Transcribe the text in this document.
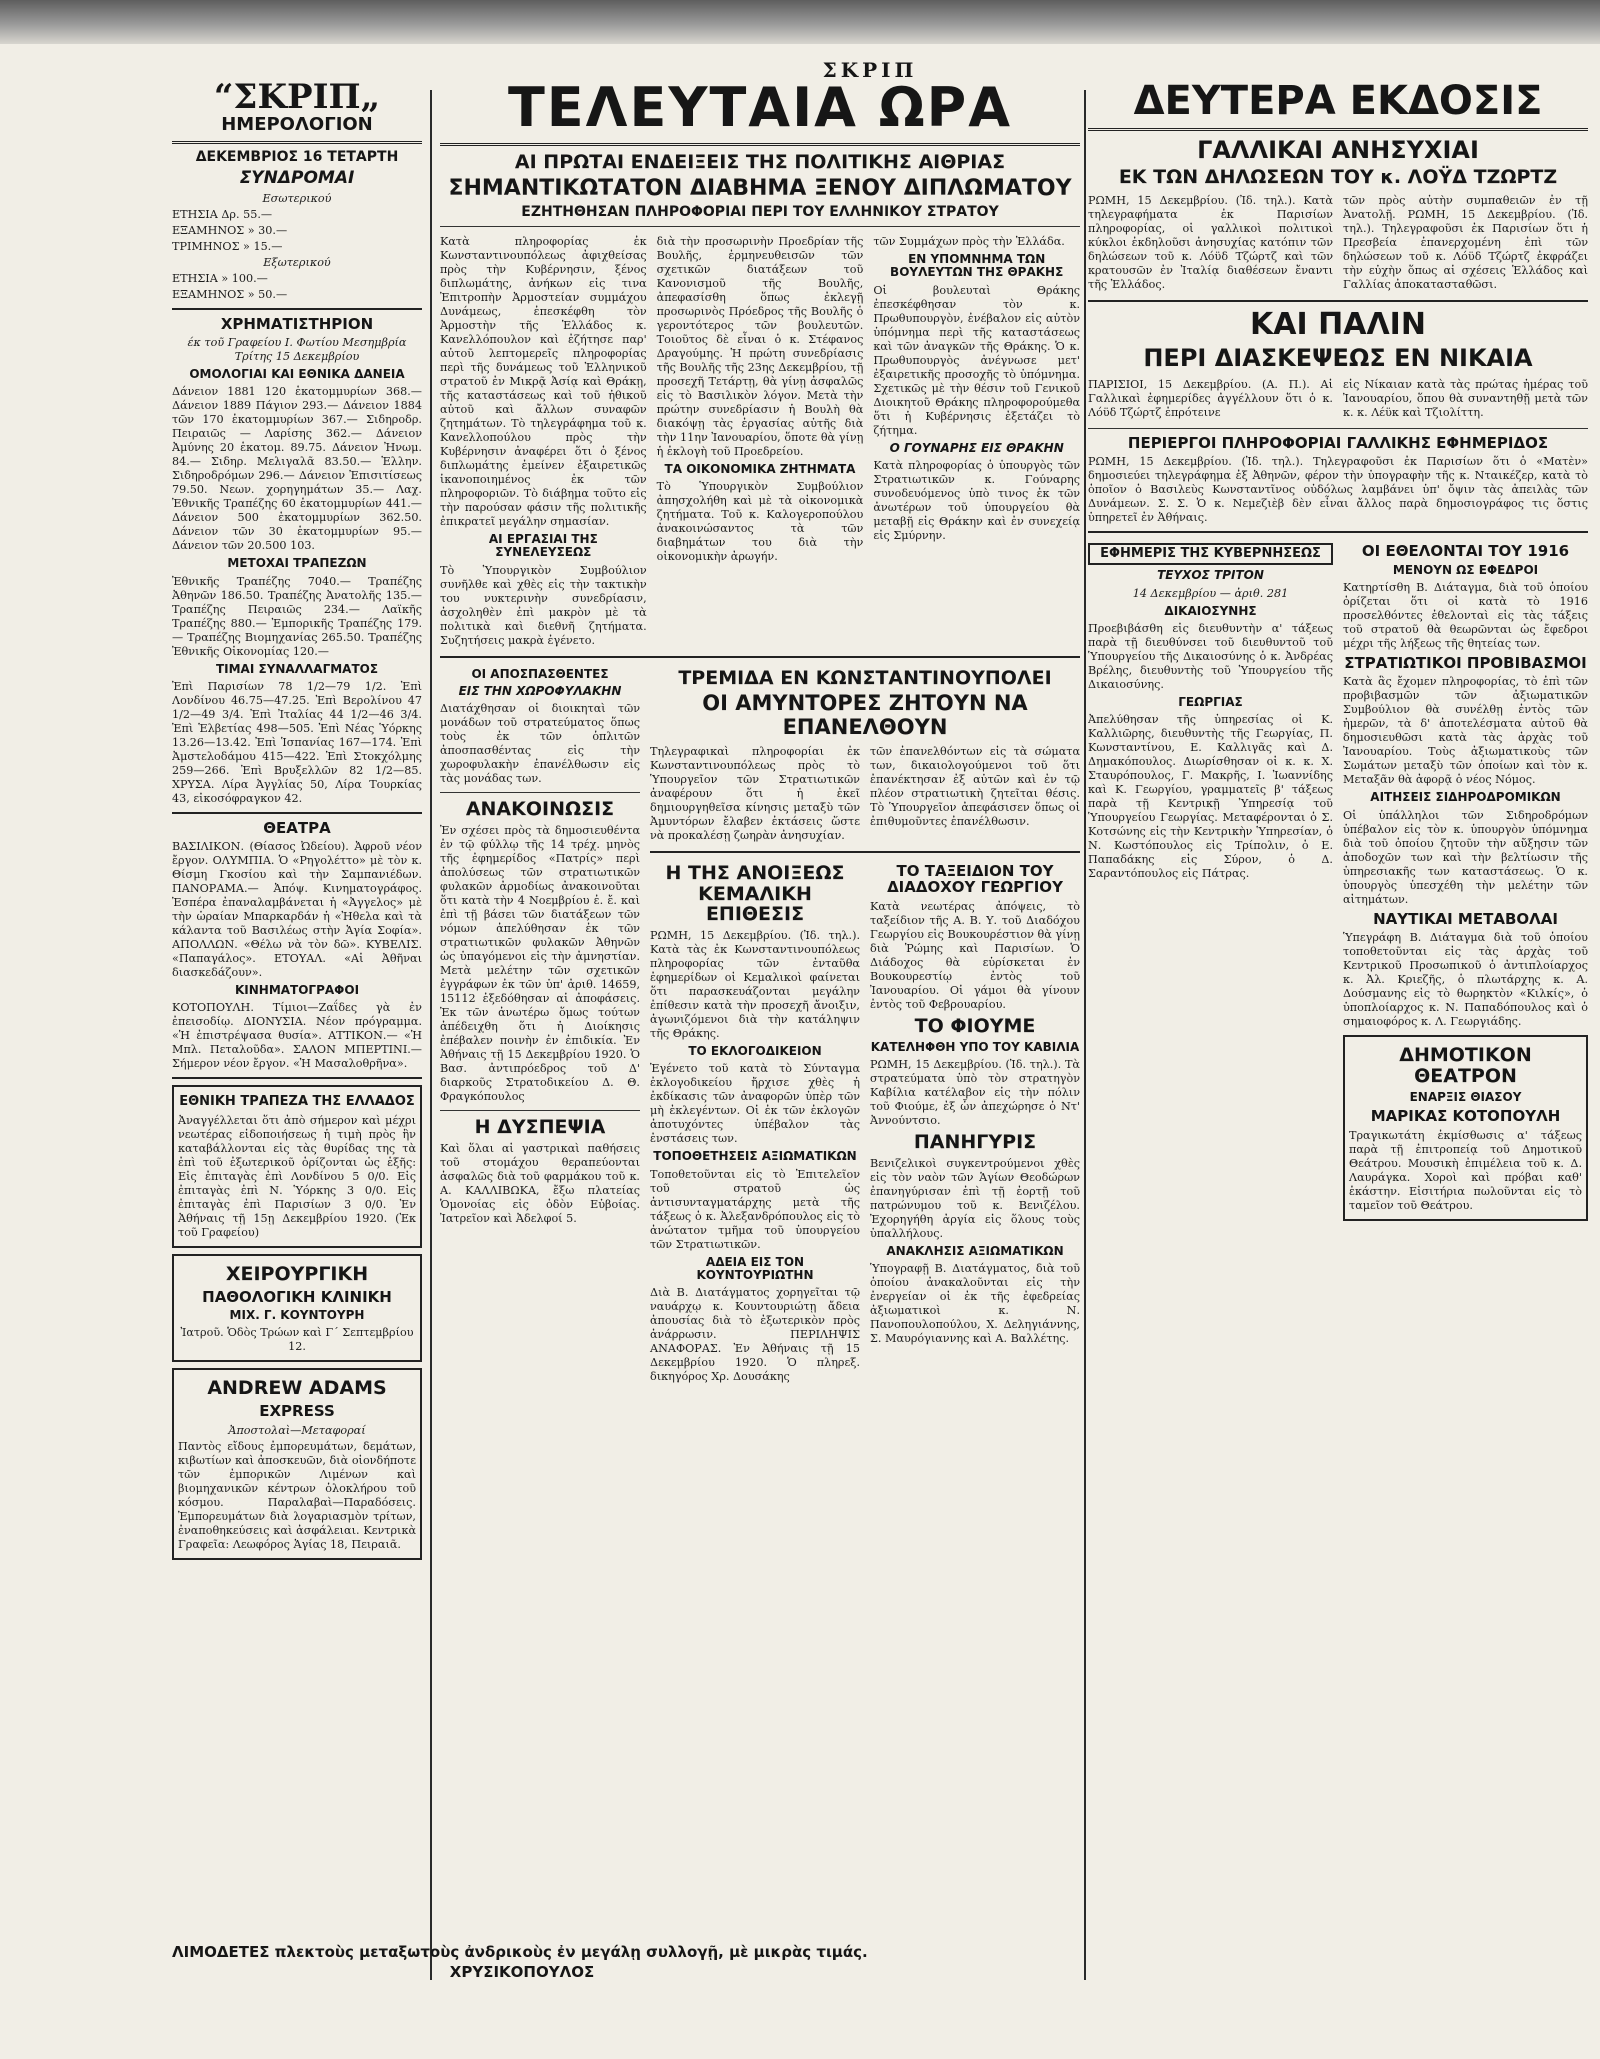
ΣΚΡΙΠ
“ΣΚΡΙΠ„
ΗΜΕΡΟΛΟΓΙΟΝ
ΔΕΚΕΜΒΡΙΟΣ 16 ΤΕΤΑΡΤΗ
ΣΥΝΔΡΟΜΑΙ
Εσωτερικού
ΕΤΗΣΙΑ Δρ. 55.—
ΕΞΑΜΗΝΟΣ » 30.—
ΤΡΙΜΗΝΟΣ » 15.—
Εξωτερικού
ΕΤΗΣΙΑ » 100.—
ΕΞΑΜΗΝΟΣ » 50.—
ΧΡΗΜΑΤΙΣΤΗΡΙΟΝ
έκ τοῦ Γραφείου Ι. Φωτίου Μεσημβρία Τρίτης 15 Δεκεμβρίου
ΟΜΟΛΟΓΙΑΙ ΚΑΙ ΕΘΝΙΚΑ ΔΑΝΕΙΑ
Δάνειον 1881 120 ἑκατομμυρίων 368.— Δάνειον 1889 Πάγιον 293.— Δάνειον 1884 τῶν 170 ἑκατομμυρίων 367.— Σιδηροδρ. Πειραιῶς — Λαρίσης 362.— Δάνειον Ἀμύνης 20 ἑκατομ. 89.75. Δάνειον Ἠνωμ. 84.— Σιδηρ. Μελιγαλᾶ 83.50.— Ἑλλην. Σιδηροδρόμων 296.— Δάνειον Ἐπισιτίσεως 79.50. Νεων. χορηγημάτων 35.— Λαχ. Ἐθνικῆς Τραπέζης 60 ἑκατομμυρίων 441.— Δάνειον 500 ἑκατομμυρίων 362.50. Δάνειον τῶν 30 ἑκατομμυρίων 95.— Δάνειον τῶν 20.500 103.
ΜΕΤΟΧΑΙ ΤΡΑΠΕΖΩΝ
Ἐθνικῆς Τραπέζης 7040.— Τραπέζης Ἀθηνῶν 186.50. Τραπέζης Ἀνατολῆς 135.— Τραπέζης Πειραιῶς 234.— Λαϊκῆς Τραπέζης 880.— Ἐμπορικῆς Τραπέζης 179.— Τραπέζης Βιομηχανίας 265.50. Τραπέζης Ἐθνικῆς Οἰκονομίας 120.—
ΤΙΜΑΙ ΣΥΝΑΛΛΑΓΜΑΤΟΣ
Ἐπὶ Παρισίων 78 1/2—79 1/2. Ἐπὶ Λονδίνου 46.75—47.25. Ἐπὶ Βερολίνου 47 1/2—49 3/4. Ἐπὶ Ἰταλίας 44 1/2—46 3/4. Ἐπὶ Ἑλβετίας 498—505. Ἐπὶ Νέας Ὑόρκης 13.26—13.42. Ἐπὶ Ἱσπανίας 167—174. Ἐπὶ Ἀμστελοδάμου 415—422. Ἐπὶ Στοκχόλμης 259—266. Ἐπὶ Βρυξελλῶν 82 1/2—85. ΧΡΥΣΑ. Λίρα Ἀγγλίας 50, Λίρα Τουρκίας 43, εἰκοσόφραγκον 42.
ΘΕΑΤΡΑ
ΒΑΣΙΛΙΚΟΝ. (Θίασος Ὠδείου). Ἀφροῦ νέον ἔργον. ΟΛΥΜΠΙΑ. Ὁ «Ρηγολέττο» μὲ τὸν κ. Θίσμη Γκοσίου καὶ τὴν Σαμπανιέδων. ΠΑΝΟΡΑΜΑ.— Ἀπόψ. Κινηματογράφος. Ἐσπέρα ἐπαναλαμβάνεται ἡ «Ἀγγελος» μὲ τὴν ὡραίαν Μπαρκαρδάν ἡ «Ἠθελα καὶ τὰ κάλαντα τοῦ Βασιλέως στὴν Ἁγία Σοφία». ΑΠΟΛΛΩΝ. «Θέλω νὰ τὸν δῶ». ΚΥΒΕΛΙΣ. «Παπαγάλος». ΕΤΟΥΑΛ. «Αἱ Ἀθῆναι διασκεδάζουν».
ΚΙΝΗΜΑΤΟΓΡΑΦΟΙ
ΚΟΤΟΠΟΥΛΗ. Τίμιοι—Ζαΐδες γὰ ἐν ἐπεισοδίῳ. ΔΙΟΝΥΣΙΑ. Νέον πρόγραμμα. «Ἡ ἐπιστρέψασα θυσία». ΑΤΤΙΚΟΝ.— «Ἡ Μπλ. Πεταλοῦδα». ΣΑΛΟΝ ΜΠΕΡΤΙΝΙ.— Σήμερον νέον ἔργον. «Ἡ Μασαλοθρῆνα».
ΕΘΝΙΚΗ ΤΡΑΠΕΖΑ ΤΗΣ ΕΛΛΑΔΟΣ
Ἀναγγέλλεται ὅτι ἀπὸ σήμερον καὶ μέχρι νεωτέρας εἰδοποιήσεως ἡ τιμὴ πρὸς ἣν καταβάλλονται εἰς τὰς θυρίδας της τὰ ἐπὶ τοῦ ἐξωτερικοῦ ὁρίζονται ὡς ἑξῆς: Εἰς ἐπιταγὰς ἐπὶ Λονδίνου 5 0/0. Εἰς ἐπιταγὰς ἐπὶ Ν. Ὑόρκης 3 0/0. Εἰς ἐπιταγὰς ἐπὶ Παρισίων 3 0/0. Ἐν Ἀθήναις τῇ 15ῃ Δεκεμβρίου 1920. (Ἐκ τοῦ Γραφείου)
ΧΕΙΡΟΥΡΓΙΚΗ
ΠΑΘΟΛΟΓΙΚΗ ΚΛΙΝΙΚΗ
ΜΙΧ. Γ. ΚΟΥΝΤΟΥΡΗ
Ἰατροῦ. Ὁδὸς Τρώων καὶ Γ΄ Σεπτεμβρίου 12.
ANDREW ADAMS
EXPRESS
Ἀποστολαὶ—Μεταφοραί
Παντὸς εἴδους ἐμπορευμάτων, δεμάτων, κιβωτίων καὶ ἀποσκευῶν, διὰ οἱονδήποτε τῶν ἐμπορικῶν Λιμένων καὶ βιομηχανικῶν κέντρων ὁλοκλήρου τοῦ κόσμου. Παραλαβαὶ—Παραδόσεις. Ἐμπορευμάτων διὰ λογαριασμὸν τρίτων, ἐναποθηκεύσεις καὶ ἀσφάλειαι. Κεντρικὰ Γραφεῖα: Λεωφόρος Ἁγίας 18, Πειραιᾶ.
ΤΕΛΕΥΤΑΙΑ ΩΡΑ
ΑΙ ΠΡΩΤΑΙ ΕΝΔΕΙΞΕΙΣ ΤΗΣ ΠΟΛΙΤΙΚΗΣ ΑΙΘΡΙΑΣ
ΣΗΜΑΝΤΙΚΩΤΑΤΟΝ ΔΙΑΒΗΜΑ ΞΕΝΟΥ ΔΙΠΛΩΜΑΤΟΥ
ΕΖΗΤΗΘΗΣΑΝ ΠΛΗΡΟΦΟΡΙΑΙ ΠΕΡΙ ΤΟΥ ΕΛΛΗΝΙΚΟΥ ΣΤΡΑΤΟΥ
Κατὰ πληροφορίας ἐκ Κωνσταντινουπόλεως ἀφιχθείσας πρὸς τὴν Κυβέρνησιν, ξένος διπλωμάτης, ἀνήκων εἰς τινα Ἐπιτροπὴν Ἀρμοστείαν συμμάχου Δυνάμεως, ἐπεσκέφθη τὸν Ἀρμοστὴν τῆς Ἑλλάδος κ. Κανελλόπουλον καὶ ἐζήτησε παρ' αὐτοῦ λεπτομερεῖς πληροφορίας περὶ τῆς δυνάμεως τοῦ Ἑλληνικοῦ στρατοῦ ἐν Μικρᾷ Ἀσίᾳ καὶ Θράκῃ, τῆς καταστάσεως καὶ τοῦ ἠθικοῦ αὐτοῦ καὶ ἄλλων συναφῶν ζητημάτων. Τὸ τηλεγράφημα τοῦ κ. Κανελλοπούλου πρὸς τὴν Κυβέρνησιν ἀναφέρει ὅτι ὁ ξένος διπλωμάτης ἐμείνεν ἐξαιρετικῶς ἱκανοποιημένος ἐκ τῶν πληροφοριῶν. Τὸ διάβημα τοῦτο εἰς τὴν παρούσαν φάσιν τῆς πολιτικῆς ἐπικρατεῖ μεγάλην σημασίαν.
ΑΙ ΕΡΓΑΣΙΑΙ ΤΗΣ ΣΥΝΕΛΕΥΣΕΩΣ
Τὸ Ὑπουργικὸν Συμβούλιον συνῆλθε καὶ χθὲς εἰς τὴν τακτικὴν του νυκτερινὴν συνεδρίασιν, ἀσχοληθὲν ἐπὶ μακρὸν μὲ τὰ πολιτικὰ καὶ διεθνῆ ζητήματα. Συζητήσεις μακρὰ ἐγένετο.
διὰ τὴν προσωρινὴν Προεδρίαν τῆς Βουλῆς, ἐρμηνευθεισῶν τῶν σχετικῶν διατάξεων τοῦ Κανονισμοῦ τῆς Βουλῆς, ἀπεφασίσθη ὅπως ἐκλεγῇ προσωρινὸς Πρόεδρος τῆς Βουλῆς ὁ γεροντότερος τῶν βουλευτῶν. Τοιοῦτος δὲ εἶναι ὁ κ. Στέφανος Δραγούμης. Ἡ πρώτη συνεδρίασις τῆς Βουλῆς τῆς 23ης Δεκεμβρίου, τῇ προσεχῆ Τετάρτῃ, θὰ γίνῃ ἀσφαλῶς εἰς τὸ Βασιλικὸν λόγον. Μετὰ τὴν πρώτην συνεδρίασιν ἡ Βουλὴ θὰ διακόψῃ τὰς ἐργασίας αὐτῆς διὰ τὴν 11ην Ἰανουαρίου, ὅποτε θὰ γίνῃ ἡ ἐκλογὴ τοῦ Προεδρείου.
ΤΑ ΟΙΚΟΝΟΜΙΚΑ ΖΗΤΗΜΑΤΑ
Τὸ Ὑπουργικὸν Συμβούλιον ἀπησχολήθη καὶ μὲ τὰ οἰκονομικὰ ζητήματα. Τοῦ κ. Καλογεροπούλου ἀνακοινώσαντος τὰ τῶν διαβημάτων του διὰ τὴν οἰκονομικὴν ἀρωγήν.
τῶν Συμμάχων πρὸς τὴν Ἑλλάδα.
ΕΝ ΥΠΟΜΝΗΜΑ ΤΩΝ ΒΟΥΛΕΥΤΩΝ ΤΗΣ ΘΡΑΚΗΣ
Οἱ βουλευταὶ Θράκης ἐπεσκέφθησαν τὸν κ. Πρωθυπουργὸν, ἐνέβαλον εἰς αὐτὸν ὑπόμνημα περὶ τῆς καταστάσεως καὶ τῶν ἀναγκῶν τῆς Θράκης. Ὁ κ. Πρωθυπουργὸς ἀνέγνωσε μετ' ἐξαιρετικῆς προσοχῆς τὸ ὑπόμνημα. Σχετικῶς μὲ τὴν θέσιν τοῦ Γενικοῦ Διοικητοῦ Θράκης πληροφορούμεθα ὅτι ἡ Κυβέρνησις ἐξετάζει τὸ ζήτημα.
Ο ΓΟΥΝΑΡΗΣ ΕΙΣ ΘΡΑΚΗΝ
Κατὰ πληροφορίας ὁ ὑπουργὸς τῶν Στρατιωτικῶν κ. Γούναρης συνοδευόμενος ὑπὸ τινος ἐκ τῶν ἀνωτέρων τοῦ ὑπουργείου θὰ μεταβῇ εἰς Θράκην καὶ ἐν συνεχείᾳ εἰς Σμύρνην.
ΟΙ ΑΠΟΣΠΑΣΘΕΝΤΕΣ
ΕΙΣ ΤΗΝ ΧΩΡΟΦΥΛΑΚΗΝ
Διατάχθησαν οἱ διοικηταὶ τῶν μονάδων τοῦ στρατεύματος ὅπως τοὺς ἐκ τῶν ὁπλιτῶν ἀποσπασθέντας εἰς τὴν χωροφυλακὴν ἐπανέλθωσιν εἰς τὰς μονάδας των.
ΑΝΑΚΟΙΝΩΣΙΣ
Ἐν σχέσει πρὸς τὰ δημοσιευθέντα ἐν τῷ φύλλῳ τῆς 14 τρέχ. μηνὸς τῆς ἐφημερίδος «Πατρίς» περὶ ἀπολύσεως τῶν στρατιωτικῶν φυλακῶν ἀρμοδίως ἀνακοινοῦται ὅτι κατὰ τὴν 4 Νοεμβρίου ἐ. ἔ. καὶ ἐπὶ τῇ βάσει τῶν διατάξεων τῶν νόμων ἀπελύθησαν ἐκ τῶν στρατιωτικῶν φυλακῶν Ἀθηνῶν ὡς ὑπαγόμενοι εἰς τὴν ἀμνηστίαν. Μετὰ μελέτην τῶν σχετικῶν ἐγγράφων ἐκ τῶν ὑπ' ἀριθ. 14659, 15112 ἐξεδόθησαν αἱ ἀποφάσεις. Ἐκ τῶν ἀνωτέρω ὅμως τούτων ἀπέδειχθη ὅτι ἡ Διοίκησις ἐπέβαλεν ποινὴν ἐν ἐπιδικία. Ἐν Ἀθήναις τῇ 15 Δεκεμβρίου 1920. Ὁ Βασ. ἀντιπρόεδρος τοῦ Δ' διαρκοῦς Στρατοδικείου Δ. Θ. Φραγκόπουλος
Η ΔΥΣΠΕΨΙΑ
Καὶ ὅλαι αἱ γαστρικαὶ παθήσεις τοῦ στομάχου θεραπεύονται ἀσφαλῶς διὰ τοῦ φαρμάκου τοῦ κ. Α. ΚΑΛΛΙΒΩΚΑ, ἔξω πλατείας Ὁμονοίας εἰς ὁδὸν Εὐβοίας. Ἰατρεῖον καὶ Ἀδελφοί 5.
ΤΡΕΜΙΔΑ ΕΝ ΚΩΝΣΤΑΝΤΙΝΟΥΠΟΛΕΙ
ΟΙ ΑΜΥΝΤΟΡΕΣ ΖΗΤΟΥΝ ΝΑ ΕΠΑΝΕΛΘΟΥΝ
Τηλεγραφικαὶ πληροφορίαι ἐκ Κωνσταντινουπόλεως πρὸς τὸ Ὑπουργεῖον τῶν Στρατιωτικῶν ἀναφέρουν ὅτι ἡ ἐκεῖ δημιουργηθεῖσα κίνησις μεταξὺ τῶν Ἀμυντόρων ἔλαβεν ἐκτάσεις ὥστε νὰ προκαλέσῃ ζωηρὰν ἀνησυχίαν.
τῶν ἐπανελθόντων εἰς τὰ σώματα των, δικαιολογούμενοι τοῦ ὅτι ἐπανέκτησαν ἐξ αὐτῶν καὶ ἐν τῷ πλέον στρατιωτικὴ ζητεῖται θέσις. Τὸ Ὑπουργεῖον ἀπεφάσισεν ὅπως οἱ ἐπιθυμοῦντες ἐπανέλθωσιν.
Η ΤΗΣ ΑΝΟΙΞΕΩΣ ΚΕΜΑΛΙΚΗ ΕΠΙΘΕΣΙΣ
ΡΩΜΗ, 15 Δεκεμβρίου. (Ἰδ. τηλ.). Κατὰ τὰς ἐκ Κωνσταντινουπόλεως πληροφορίας τῶν ἐνταῦθα ἐφημερίδων οἱ Κεμαλικοὶ φαίνεται ὅτι παρασκευάζονται μεγάλην ἐπίθεσιν κατὰ τὴν προσεχῆ ἄνοιξιν, ἀγωνιζόμενοι διὰ τὴν κατάληψιν τῆς Θράκης.
ΤΟ ΕΚΛΟΓΟΔΙΚΕΙΟΝ
Ἐγένετο τοῦ κατὰ τὸ Σύνταγμα ἐκλογοδικείου ἤρχισε χθὲς ἡ ἐκδίκασις τῶν ἀναφορῶν ὑπὲρ τῶν μὴ ἐκλεγέντων. Οἱ ἐκ τῶν ἐκλογῶν ἀποτυχόντες ὑπέβαλον τὰς ἐνστάσεις των.
ΤΟΠΟΘΕΤΗΣΕΙΣ ΑΞΙΩΜΑΤΙΚΩΝ
Τοποθετοῦνται εἰς τὸ Ἐπιτελεῖον τοῦ στρατοῦ ὡς ἀντισυνταγματάρχης μετὰ τῆς τάξεως ὁ κ. Ἀλεξανδρόπουλος εἰς τὸ ἀνώτατον τμῆμα τοῦ ὑπουργείου τῶν Στρατιωτικῶν.
ΑΔΕΙΑ ΕΙΣ ΤΟΝ ΚΟΥΝΤΟΥΡΙΩΤΗΝ
Διὰ Β. Διατάγματος χορηγεῖται τῷ ναυάρχῳ κ. Κουντουριώτῃ ἄδεια ἀπουσίας διὰ τὸ ἐξωτερικὸν πρὸς ἀνάρρωσιν. ΠΕΡΙΛΗΨΙΣ ΑΝΑΦΟΡΑΣ. Ἐν Ἀθήναις τῇ 15 Δεκεμβρίου 1920. Ὁ πληρεξ. δικηγόρος Χρ. Δουσάκης
ΤΟ ΤΑΞΕΙΔΙΟΝ ΤΟΥ ΔΙΑΔΟΧΟΥ ΓΕΩΡΓΙΟΥ
Κατὰ νεωτέρας ἀπόψεις, τὸ ταξείδιον τῆς Α. Β. Υ. τοῦ Διαδόχου Γεωργίου εἰς Βουκουρέστιον θὰ γίνῃ διὰ Ῥώμης καὶ Παρισίων. Ὁ Διάδοχος θὰ εὑρίσκεται ἐν Βουκουρεστίῳ ἐντὸς τοῦ Ἰανουαρίου. Οἱ γάμοι θὰ γίνουν ἐντὸς τοῦ Φεβρουαρίου.
ΤΟ ΦΙΟΥΜΕ
ΚΑΤΕΛΗΦΘΗ ΥΠΟ ΤΟΥ ΚΑΒΙΛΙΑ
ΡΩΜΗ, 15 Δεκεμβρίου. (Ἰδ. τηλ.). Τὰ στρατεύματα ὑπὸ τὸν στρατηγὸν Καβίλια κατέλαβον εἰς τὴν πόλιν τοῦ Φιούμε, ἐξ ὧν ἀπεχώρησε ὁ Ντ' Ἀννούντσιο.
ΠΑΝΗΓΥΡΙΣ
Βενιζελικοὶ συγκεντρούμενοι χθὲς εἰς τὸν ναὸν τῶν Ἁγίων Θεοδώρων ἐπανηγύρισαν ἐπὶ τῇ ἐορτῇ τοῦ πατρώνυμου τοῦ κ. Βενιζέλου. Ἐχορηγήθη ἀργία εἰς ὅλους τοὺς ὑπαλλήλους.
ΑΝΑΚΛΗΣΙΣ ΑΞΙΩΜΑΤΙΚΩΝ
Ὑπογραφῇ Β. Διατάγματος, διὰ τοῦ ὁποίου ἀνακαλοῦνται εἰς τὴν ἐνεργείαν οἱ ἐκ τῆς ἐφεδρείας ἀξιωματικοὶ κ. Ν. Πανοπουλοπούλου, Χ. Δεληγιάννης, Σ. Μαυρόγιαννης καὶ Α. Βαλλέτης.
ΔΕΥΤΕΡΑ ΕΚΔΟΣΙΣ
ΓΑΛΛΙΚΑΙ ΑΝΗΣΥΧΙΑΙ
ΕΚ ΤΩΝ ΔΗΛΩΣΕΩΝ ΤΟΥ κ. ΛΟΫΔ ΤΖΩΡΤΖ
ΡΩΜΗ, 15 Δεκεμβρίου. (Ἰδ. τηλ.). Κατὰ τηλεγραφήματα ἐκ Παρισίων πληροφορίας, οἱ γαλλικοὶ πολιτικοὶ κύκλοι ἐκδηλοῦσι ἀνησυχίας κατόπιν τῶν δηλώσεων τοῦ κ. Λόϋδ Τζώρτζ καὶ τῶν κρατουσῶν ἐν Ἰταλίᾳ διαθέσεων ἔναντι τῆς Ἑλλάδος.
τῶν πρὸς αὐτὴν συμπαθειῶν ἐν τῇ Ἀνατολῇ. ΡΩΜΗ, 15 Δεκεμβρίου. (Ἰδ. τηλ.). Τηλεγραφοῦσι ἐκ Παρισίων ὅτι ἡ Πρεσβεία ἐπανερχομένη ἐπὶ τῶν δηλώσεων τοῦ κ. Λόϋδ Τζώρτζ ἐκφράζει τὴν εὐχὴν ὅπως αἱ σχέσεις Ἑλλάδος καὶ Γαλλίας ἀποκατασταθῶσι.
ΚΑΙ ΠΑΛΙΝ
ΠΕΡΙ ΔΙΑΣΚΕΨΕΩΣ ΕΝ ΝΙΚΑΙΑ
ΠΑΡΙΣΙΟΙ, 15 Δεκεμβρίου. (Α. Π.). Αἱ Γαλλικαὶ ἐφημερίδες ἀγγέλλουν ὅτι ὁ κ. Λόϋδ Τζώρτζ ἐπρότεινε
εἰς Νίκαιαν κατὰ τὰς πρώτας ἡμέρας τοῦ Ἰανουαρίου, ὅπου θὰ συναντηθῇ μετὰ τῶν κ. κ. Λέϋκ καὶ Τζιολίττη.
ΠΕΡΙΕΡΓΟΙ ΠΛΗΡΟΦΟΡΙΑΙ ΓΑΛΛΙΚΗΣ ΕΦΗΜΕΡΙΔΟΣ
ΡΩΜΗ, 15 Δεκεμβρίου. (Ἰδ. τηλ.). Τηλεγραφοῦσι ἐκ Παρισίων ὅτι ὁ «Ματὲν» δημοσιεύει τηλεγράφημα ἐξ Ἀθηνῶν, φέρον τὴν ὑπογραφὴν τῆς κ. Νταικέζερ, κατὰ τὸ ὁποῖον ὁ Βασιλεὺς Κωνσταντῖνος οὐδόλως λαμβάνει ὑπ' ὄψιν τὰς ἀπειλὰς τῶν Δυνάμεων. Σ. Σ. Ὁ κ. Νεμεζιὲβ δὲν εἶναι ἄλλος παρὰ δημοσιογράφος τις ὅστις ὑπηρετεῖ ἐν Ἀθήναις.
ΕΦΗΜΕΡΙΣ ΤΗΣ ΚΥΒΕΡΝΗΣΕΩΣ
ΤΕΥΧΟΣ ΤΡΙΤΟΝ
14 Δεκεμβρίου — ἀριθ. 281
ΔΙΚΑΙΟΣΥΝΗΣ
Προεβιβάσθη εἰς διευθυντὴν α' τάξεως παρὰ τῇ διευθύνσει τοῦ διευθυντοῦ τοῦ Ὑπουργείου τῆς Δικαιοσύνης ὁ κ. Ἀνδρέας Βρέλης, διευθυντὴς τοῦ Ὑπουργείου τῆς Δικαιοσύνης.
ΓΕΩΡΓΙΑΣ
Ἀπελύθησαν τῆς ὑπηρεσίας οἱ Κ. Καλλιῶρης, διευθυντὴς τῆς Γεωργίας, Π. Κωνσταντίνου, Ε. Καλλιγᾶς καὶ Δ. Δημακόπουλος. Διωρίσθησαν οἱ κ. κ. Χ. Σταυρόπουλος, Γ. Μακρῆς, Ι. Ἰωαννίδης καὶ Κ. Γεωργίου, γραμματεῖς β' τάξεως παρὰ τῇ Κεντρικῇ Ὑπηρεσίᾳ τοῦ Ὑπουργείου Γεωργίας. Μεταφέρονται ὁ Σ. Κοτσώνης εἰς τὴν Κεντρικὴν Ὑπηρεσίαν, ὁ Ν. Κωστόπουλος εἰς Τρίπολιν, ὁ Ε. Παπαδάκης εἰς Σύρον, ὁ Δ. Σαραντόπουλος εἰς Πάτρας.
ΟΙ ΕΘΕΛΟΝΤΑΙ ΤΟΥ 1916
ΜΕΝΟΥΝ ΩΣ ΕΦΕΔΡΟΙ
Κατηρτίσθη Β. Διάταγμα, διὰ τοῦ ὁποίου ὁρίζεται ὅτι οἱ κατὰ τὸ 1916 προσελθόντες ἐθελονταὶ εἰς τὰς τάξεις τοῦ στρατοῦ θὰ θεωρῶνται ὡς ἔφεδροι μέχρι τῆς λήξεως τῆς θητείας των.
ΣΤΡΑΤΙΩΤΙΚΟΙ ΠΡΟΒΙΒΑΣΜΟΙ
Κατὰ ἃς ἔχομεν πληροφορίας, τὸ ἐπὶ τῶν προβιβασμῶν τῶν ἀξιωματικῶν Συμβούλιον θὰ συνέλθῃ ἐντὸς τῶν ἡμερῶν, τὰ δ' ἀποτελέσματα αὐτοῦ θὰ δημοσιευθῶσι κατὰ τὰς ἀρχὰς τοῦ Ἰανουαρίου. Τοὺς ἀξιωματικοὺς τῶν Σωμάτων μεταξὺ τῶν ὁποίων καὶ τὸν κ. Μεταξᾶν θὰ ἀφορᾷ ὁ νέος Νόμος.
ΑΙΤΗΣΕΙΣ ΣΙΔΗΡΟΔΡΟΜΙΚΩΝ
Οἱ ὑπάλληλοι τῶν Σιδηροδρόμων ὑπέβαλον εἰς τὸν κ. ὑπουργὸν ὑπόμνημα διὰ τοῦ ὁποίου ζητοῦν τὴν αὔξησιν τῶν ἀποδοχῶν των καὶ τὴν βελτίωσιν τῆς ὑπηρεσιακῆς των καταστάσεως. Ὁ κ. ὑπουργὸς ὑπεσχέθη τὴν μελέτην τῶν αἰτημάτων.
ΝΑΥΤΙΚΑΙ ΜΕΤΑΒΟΛΑΙ
Ὑπεγράφη Β. Διάταγμα διὰ τοῦ ὁποίου τοποθετοῦνται εἰς τὰς ἀρχὰς τοῦ Κεντρικοῦ Προσωπικοῦ ὁ ἀντιπλοίαρχος κ. Ἀλ. Κριεζῆς, ὁ πλωτάρχης κ. Α. Δούσμανης εἰς τὸ θωρηκτὸν «Κιλκίς», ὁ ὑποπλοίαρχος κ. Ν. Παπαδόπουλος καὶ ὁ σημαιοφόρος κ. Λ. Γεωργιάδης.
ΔΗΜΟΤΙΚΟΝ ΘΕΑΤΡΟΝ
ΕΝΑΡΞΙΣ ΘΙΑΣΟΥ
ΜΑΡΙΚΑΣ ΚΟΤΟΠΟΥΛΗ
Τραγικωτάτη ἐκμίσθωσις α' τάξεως παρὰ τῇ ἐπιτροπείᾳ τοῦ Δημοτικοῦ Θεάτρου. Μουσικὴ ἐπιμέλεια τοῦ κ. Δ. Λαυράγκα. Χοροὶ καὶ πρόβαι καθ' ἑκάστην. Εἰσιτήρια πωλοῦνται εἰς τὸ ταμεῖον τοῦ Θεάτρου.
ΛΙΜΟΔΕΤΕΣ πλεκτοὺς μεταξωτοὺς ἀνδρικοὺς ἐν μεγάλῃ συλλογῇ, μὲ μικρὰς τιμάς.
ΧΡΥΣΙΚΟΠΟΥΛΟΣ
